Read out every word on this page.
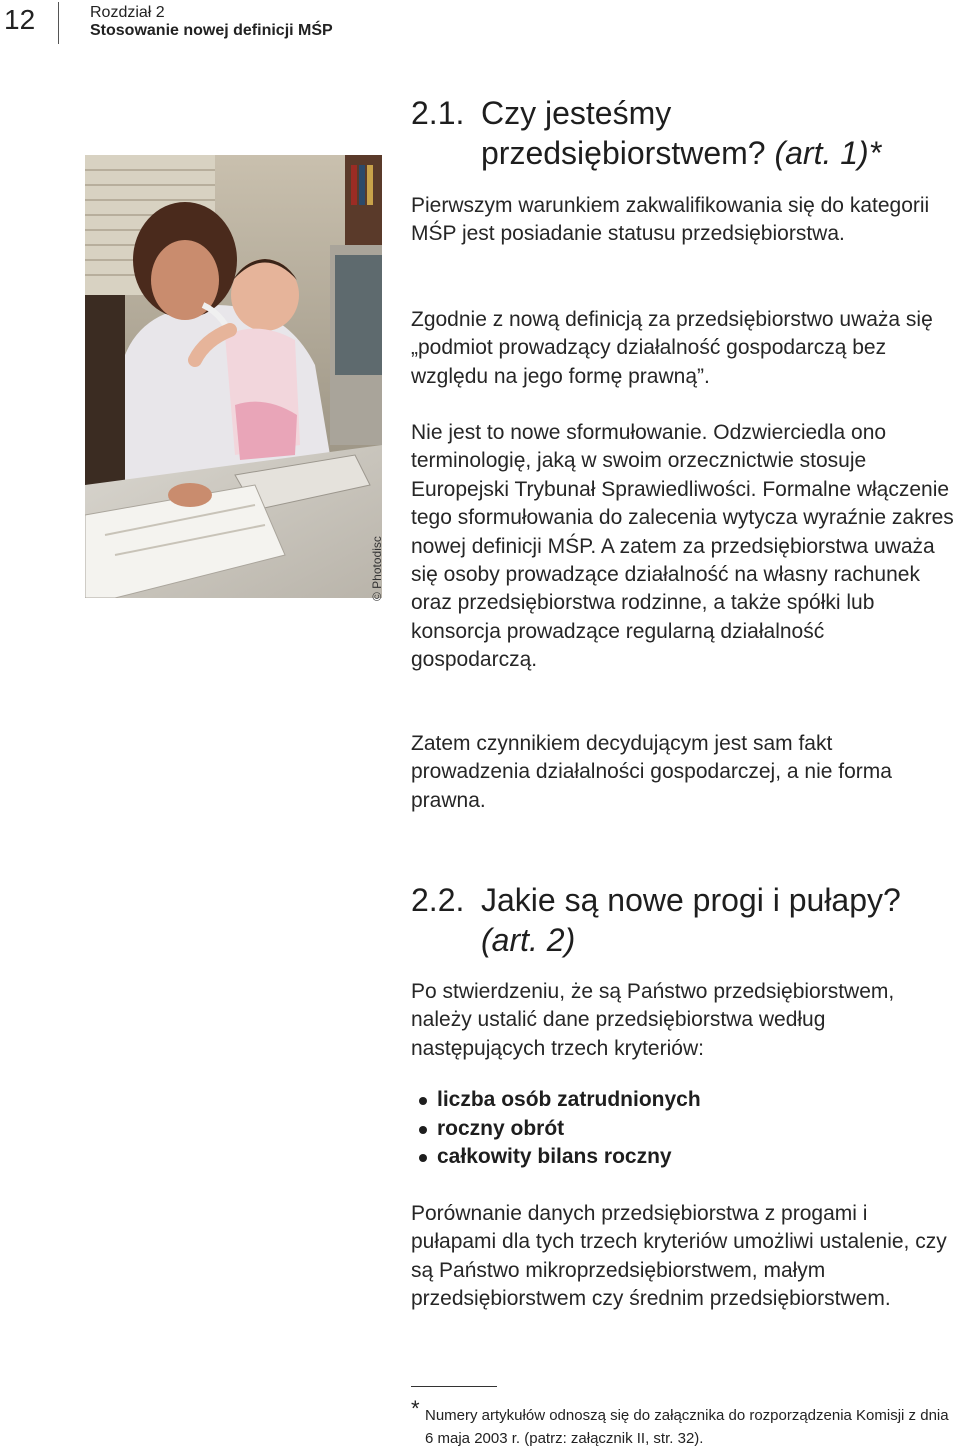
12	Rozdział 2
Stosowanie nowej definicji MŚP
© Photodisc
2.1. Czy jesteśmy
przedsiębiorstwem? (art. 1)*

Pierwszym warunkiem zakwalifikowania się do kategorii MŚP jest posiadanie statusu przedsiębiorstwa.

Zgodnie z nową definicją za przedsiębiorstwo uważa się „podmiot prowadzący działalność gospodarczą bez względu na jego formę prawną”.

Nie jest to nowe sformułowanie. Odzwierciedla ono terminologię, jaką w swoim orzecznictwie stosuje Europejski Trybunał Sprawiedliwości. Formalne włączenie tego sformułowania do zalecenia wytycza wyraźnie zakres nowej definicji MŚP. A zatem za przedsiębiorstwa uważa się osoby prowadzące działalność na własny rachunek oraz przedsiębiorstwa rodzinne, a także spółki lub konsorcja prowadzące regularną działalność gospodarczą.

Zatem czynnikiem decydującym jest sam fakt prowadzenia działalności gospodarczej, a nie forma prawna.

2.2. Jakie są nowe progi i pułapy?
(art. 2)

Po stwierdzeniu, że są Państwo przedsiębiorstwem, należy ustalić dane przedsiębiorstwa według następujących trzech kryteriów:

liczba osób zatrudnionych
roczny obrót
całkowity bilans roczny

Porównanie danych przedsiębiorstwa z progami i pułapami dla tych trzech kryteriów umożliwi ustalenie, czy są Państwo mikroprzedsiębiorstwem, małym przedsiębiorstwem czy średnim przedsiębiorstwem.

* Numery artykułów odnoszą się do załącznika do rozporządzenia Komisji z dnia 6 maja 2003 r. (patrz: załącznik II, str. 32).
